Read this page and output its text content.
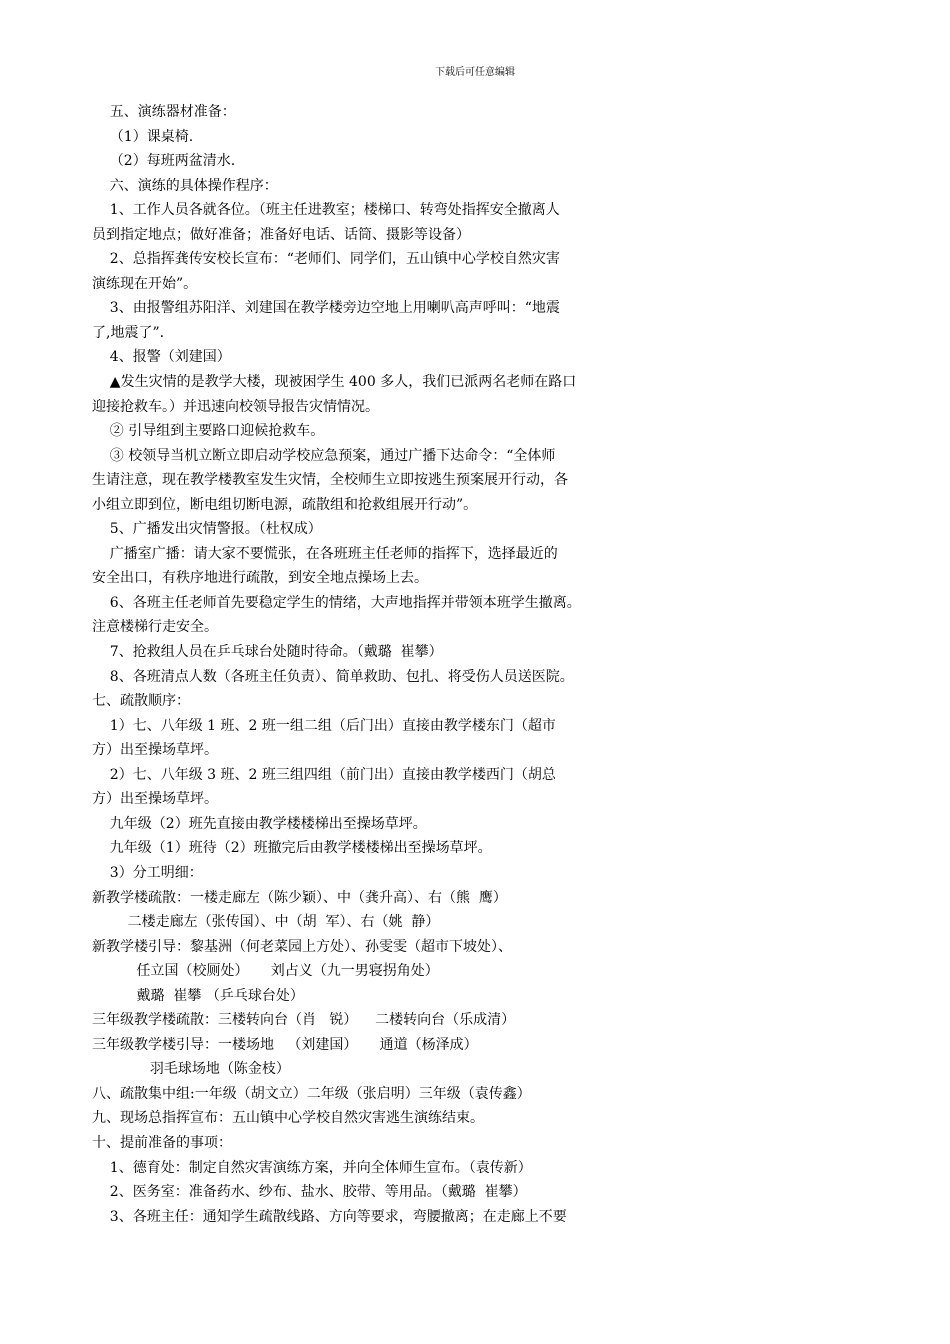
下载后可任意编辑
五、演练器材准备：
（1）课桌椅.
（2）每班两盆清水.
六、演练的具体操作程序：
1、工作人员各就各位。（班主任进教室；楼梯口、转弯处指挥安全撤离人
员到指定地点；做好准备；准备好电话、话筒、摄影等设备）
2、总指挥龚传安校长宣布：“老师们、同学们，五山镇中心学校自然灾害
演练现在开始”。
3、由报警组苏阳洋、刘建国在教学楼旁边空地上用喇叭高声呼叫：“地震
了,地震了”.
4、报警（刘建国）
▲发生灾情的是教学大楼，现被困学生 400 多人，我们已派两名老师在路口
迎接抢救车。）并迅速向校领导报告灾情情况。
② 引导组到主要路口迎候抢救车。
③ 校领导当机立断立即启动学校应急预案，通过广播下达命令：“全体师
生请注意，现在教学楼教室发生灾情，全校师生立即按逃生预案展开行动，各
小组立即到位，断电组切断电源，疏散组和抢救组展开行动”。
5、广播发出灾情警报。（杜权成）
广播室广播：请大家不要慌张，在各班班主任老师的指挥下，选择最近的
安全出口，有秩序地进行疏散，到安全地点操场上去。
6、各班主任老师首先要稳定学生的情绪，大声地指挥并带领本班学生撤离。
注意楼梯行走安全。
7、抢救组人员在乒乓球台处随时待命。（戴璐  崔攀）
8、各班清点人数（各班主任负责）、简单救助、包扎、将受伤人员送医院。
七、疏散顺序：
1）七、八年级 1 班、2 班一组二组（后门出）直接由教学楼东门（超市
方）出至操场草坪。
2）七、八年级 3 班、2 班三组四组（前门出）直接由教学楼西门（胡总
方）出至操场草坪。
九年级（2）班先直接由教学楼楼梯出至操场草坪。
九年级（1）班待（2）班撤完后由教学楼楼梯出至操场草坪。
3）分工明细：
新教学楼疏散：一楼走廊左（陈少颖）、中（龚升高）、右（熊  鹰）
二楼走廊左（张传国）、中（胡  军）、右（姚  静）
新教学楼引导：黎基洲（何老菜园上方处）、孙雯雯（超市下坡处）、
任立国（校厕处）     刘占义（九一男寝拐角处）
戴璐  崔攀 （乒乓球台处）
三年级教学楼疏散：三楼转向台（肖   锐）    二楼转向台（乐成清）
三年级教学楼引导：一楼场地   （刘建国）     通道（杨泽成）
羽毛球场地（陈金枝）
八、疏散集中组:一年级（胡文立）二年级（张启明）三年级（袁传鑫）
九、现场总指挥宣布：五山镇中心学校自然灾害逃生演练结束。
十、提前准备的事项：
1、德育处：制定自然灾害演练方案，并向全体师生宣布。（袁传新）
2、医务室：准备药水、纱布、盐水、胶带、等用品。（戴璐  崔攀）
3、各班主任：通知学生疏散线路、方向等要求，弯腰撤离；在走廊上不要
